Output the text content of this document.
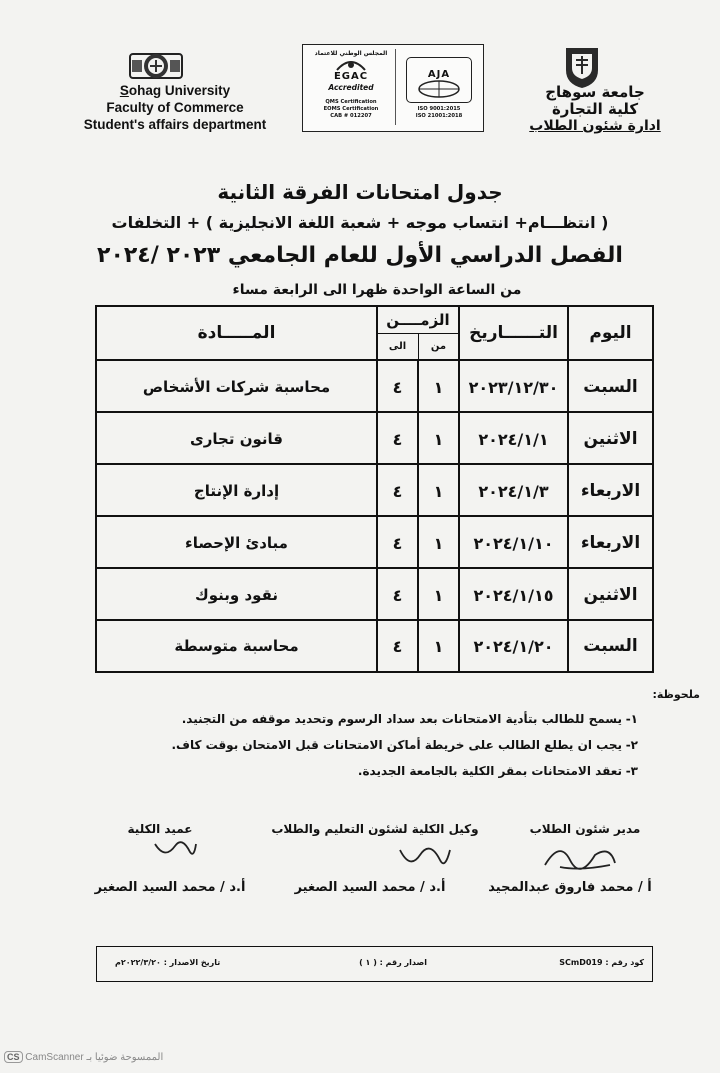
Sohag University
Faculty of Commerce
Student's affairs department
المجلس الوطني للاعتماد
EGAC
Accredited
QMS Certification
EOMS Certification
CAB # 012207
AJA
ISO 9001:2015
ISO 21001:2018
جامعة سوهاج
كلية التجارة
ادارة شئون الطلاب
جدول امتحانات الفرقة الثانية
( انتظـــام+ انتساب موجه + شعبة اللغة الانجليزية ) + التخلفات
الفصل الدراسي الأول للعام الجامعي ٢٠٢٣ /٢٠٢٤
من الساعة الواحدة ظهرا الى الرابعة مساء
اليوم
التــــــاريخ
الزمــــن
من
الى
المـــــادة
السبت
٢٠٢٣/١٢/٣٠
١
٤
محاسبة شركات الأشخاص
الاثنين
٢٠٢٤/١/١
١
٤
قانون تجارى
الاربعاء
٢٠٢٤/١/٣
١
٤
إدارة الإنتاج
الاربعاء
٢٠٢٤/١/١٠
١
٤
مبادئ الإحصاء
الاثنين
٢٠٢٤/١/١٥
١
٤
نقود وبنوك
السبت
٢٠٢٤/١/٢٠
١
٤
محاسبة متوسطة
ملحوظة:
١-يسمح للطالب بتأدية الامتحانات بعد سداد الرسوم وتحديد موقفه من التجنيد.
٢-يجب ان يطلع الطالب على خريطة أماكن الامتحانات قبل الامتحان بوقت كاف.
٣-تعقد الامتحانات بمقر الكلية بالجامعة الجديدة.
مدير شئون الطلاب
أ / محمد فاروق عبدالمجيد
وكيل الكلية لشئون التعليم والطلاب
أ.د / محمد السيد الصغير
عميد الكلية
أ.د / محمد السيد الصغير
كود رقم : SCmD019
اصدار رقم : ( ١ )
تاريخ الاصدار : ٢٠٢٢/٣/٢٠م
CS CamScanner الممسوحة ضوئيا بـ
